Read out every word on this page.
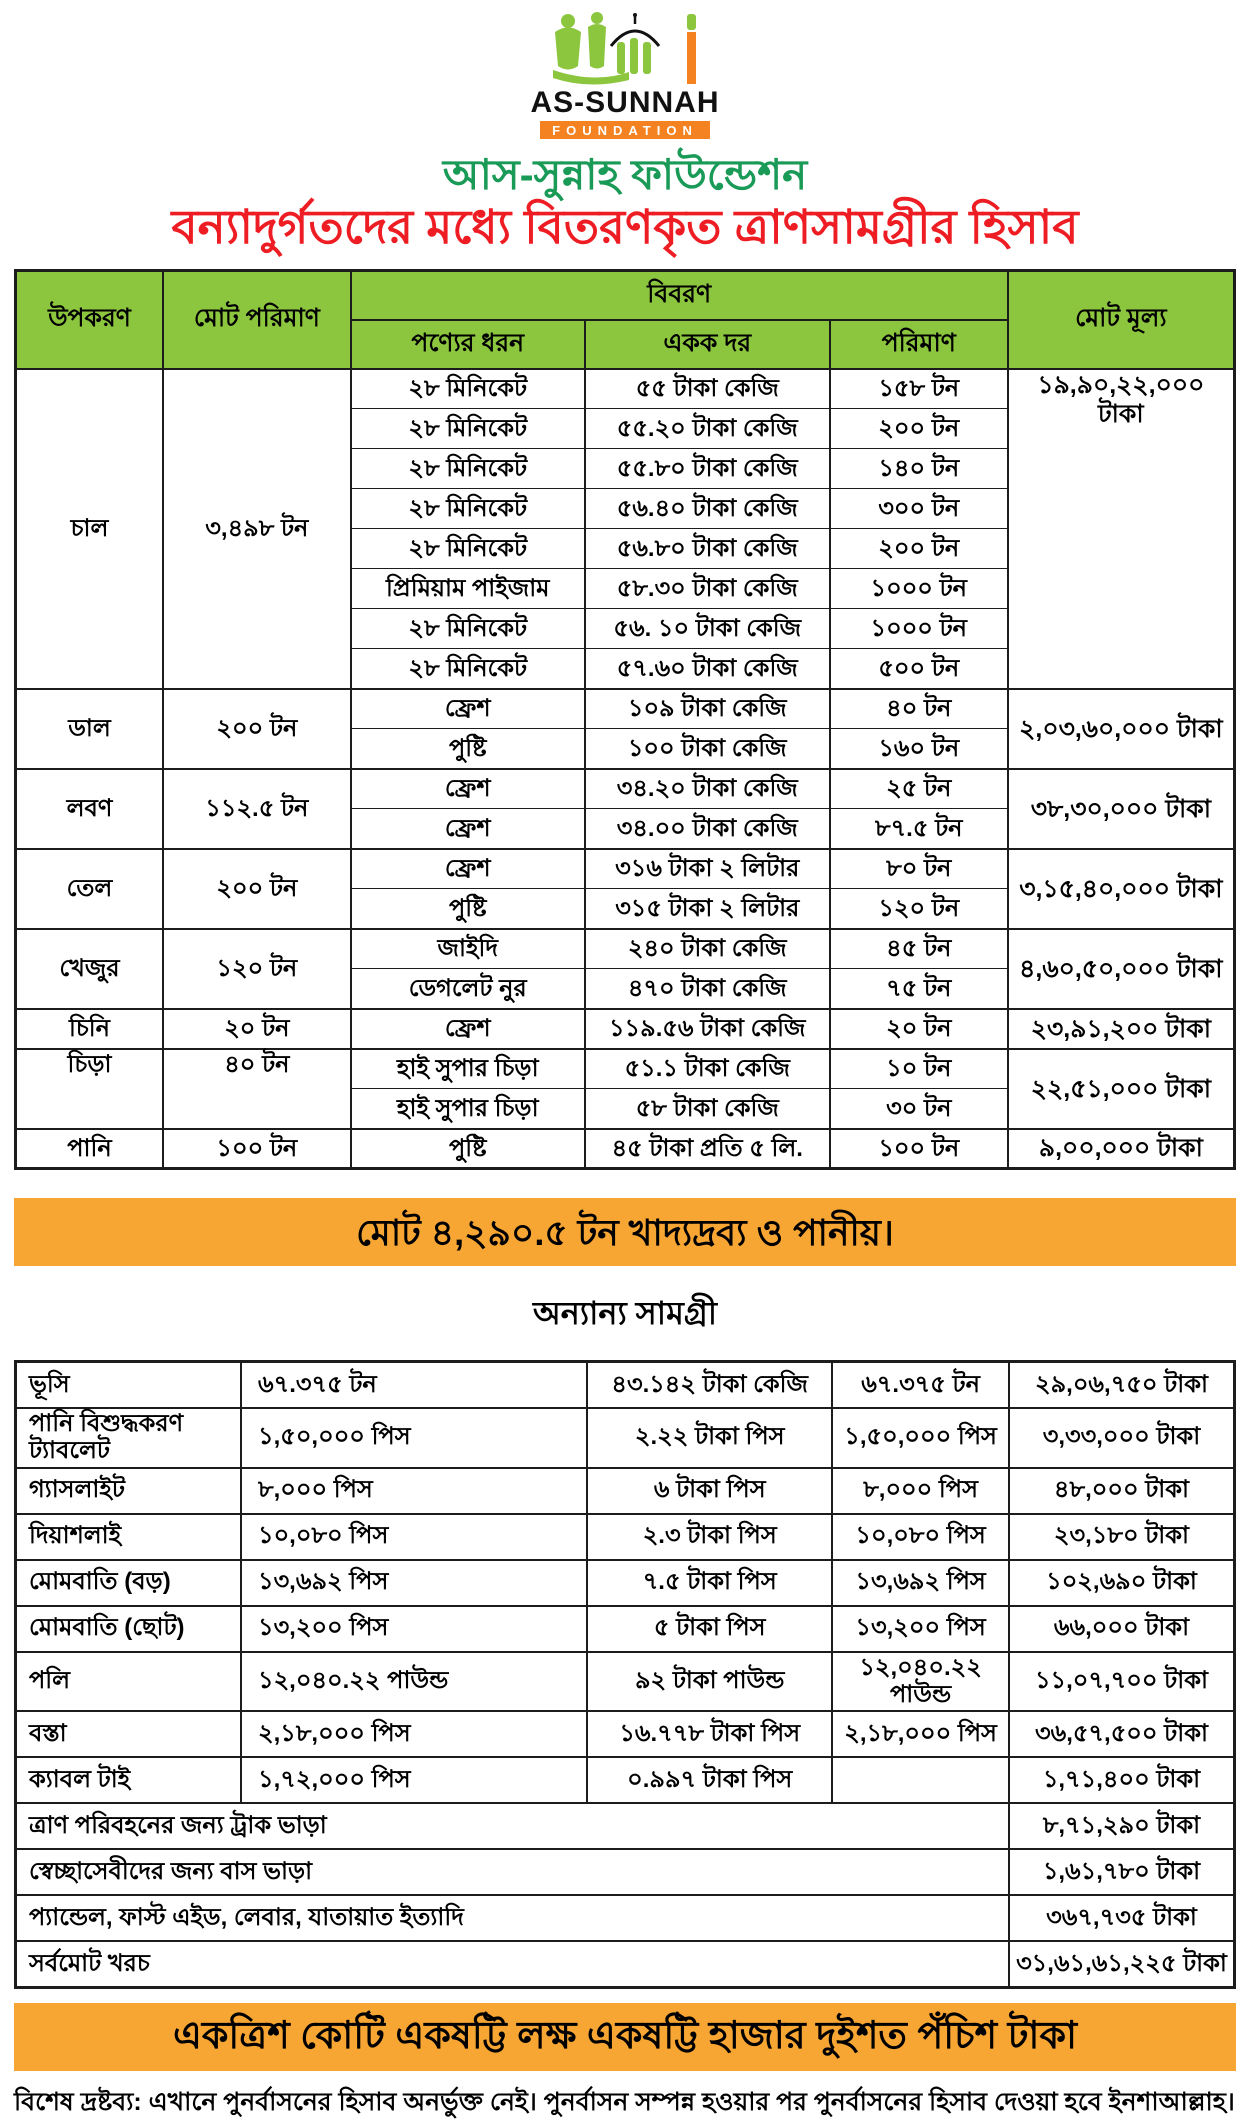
AS-SUNNAH
FOUNDATION
আস-সুন্নাহ ফাউন্ডেশন
বন্যাদুর্গতদের মধ্যে বিতরণকৃত ত্রাণসামগ্রীর হিসাব
উপকরণ	মোট পরিমাণ	বিবরণ			মোট মূল্য
		পণ্যের ধরন	একক দর	পরিমাণ	
চাল	৩,৪৯৮ টন	২৮ মিনিকেট	৫৫ টাকা কেজি	১৫৮ টন	১৯,৯০,২২,০০০ টাকা
		২৮ মিনিকেট	৫৫.২০ টাকা কেজি	২০০ টন	
		২৮ মিনিকেট	৫৫.৮০ টাকা কেজি	১৪০ টন	
		২৮ মিনিকেট	৫৬.৪০ টাকা কেজি	৩০০ টন	
		২৮ মিনিকেট	৫৬.৮০ টাকা কেজি	২০০ টন	
		প্রিমিয়াম পাইজাম	৫৮.৩০ টাকা কেজি	১০০০ টন	
		২৮ মিনিকেট	৫৬. ১০ টাকা কেজি	১০০০ টন	
		২৮ মিনিকেট	৫৭.৬০ টাকা কেজি	৫০০ টন	
ডাল	২০০ টন	ফ্রেশ	১০৯ টাকা কেজি	৪০ টন	২,০৩,৬০,০০০ টাকা
		পুষ্টি	১০০ টাকা কেজি	১৬০ টন	
লবণ	১১২.৫ টন	ফ্রেশ	৩৪.২০ টাকা কেজি	২৫ টন	৩৮,৩০,০০০ টাকা
		ফ্রেশ	৩৪.০০ টাকা কেজি	৮৭.৫ টন	
তেল	২০০ টন	ফ্রেশ	৩১৬ টাকা ২ লিটার	৮০ টন	৩,১৫,৪০,০০০ টাকা
		পুষ্টি	৩১৫ টাকা ২ লিটার	১২০ টন	
খেজুর	১২০ টন	জাইদি	২৪০ টাকা কেজি	৪৫ টন	৪,৬০,৫০,০০০ টাকা
		ডেগলেট নুর	৪৭০ টাকা কেজি	৭৫ টন	
চিনি	২০ টন	ফ্রেশ	১১৯.৫৬ টাকা কেজি	২০ টন	২৩,৯১,২০০ টাকা
চিড়া	৪০ টন	হাই সুপার চিড়া	৫১.১ টাকা কেজি	১০ টন	২২,৫১,০০০ টাকা
		হাই সুপার চিড়া	৫৮ টাকা কেজি	৩০ টন	
পানি	১০০ টন	পুষ্টি	৪৫ টাকা প্রতি ৫ লি.	১০০ টন	৯,০০,০০০ টাকা
মোট ৪,২৯০.৫ টন খাদ্যদ্রব্য ও পানীয়।
অন্যান্য সামগ্রী
ভূসি	৬৭.৩৭৫ টন	৪৩.১৪২ টাকা কেজি	৬৭.৩৭৫ টন	২৯,০৬,৭৫০ টাকা
পানি বিশুদ্ধকরণ ট্যাবলেট	১,৫০,০০০ পিস	২.২২ টাকা পিস	১,৫০,০০০ পিস	৩,৩৩,০০০ টাকা
গ্যাসলাইট	৮,০০০ পিস	৬ টাকা পিস	৮,০০০ পিস	৪৮,০০০ টাকা
দিয়াশলাই	১০,০৮০ পিস	২.৩ টাকা পিস	১০,০৮০ পিস	২৩,১৮০ টাকা
মোমবাতি (বড়)	১৩,৬৯২ পিস	৭.৫ টাকা পিস	১৩,৬৯২ পিস	১০২,৬৯০ টাকা
মোমবাতি (ছোট)	১৩,২০০ পিস	৫ টাকা পিস	১৩,২০০ পিস	৬৬,০০০ টাকা
পলি	১২,০৪০.২২ পাউন্ড	৯২ টাকা পাউন্ড	১২,০৪০.২২ পাউন্ড	১১,০৭,৭০০ টাকা
বস্তা	২,১৮,০০০ পিস	১৬.৭৭৮ টাকা পিস	২,১৮,০০০ পিস	৩৬,৫৭,৫০০ টাকা
ক্যাবল টাই	১,৭২,০০০ পিস	০.৯৯৭ টাকা পিস		১,৭১,৪০০ টাকা
ত্রাণ পরিবহনের জন্য ট্রাক ভাড়া				৮,৭১,২৯০ টাকা
স্বেচ্ছাসেবীদের জন্য বাস ভাড়া				১,৬১,৭৮০ টাকা
প্যান্ডেল, ফাস্ট এইড, লেবার, যাতায়াত ইত্যাদি				৩৬৭,৭৩৫ টাকা
সর্বমোট খরচ				৩১,৬১,৬১,২২৫ টাকা
একত্রিশ কোটি একষট্টি লক্ষ একষট্টি হাজার দুইশত পঁচিশ টাকা

বিশেষ দ্রষ্টব্য: এখানে পুনর্বাসনের হিসাব অনর্ভুক্ত নেই। পুনর্বাসন সম্পন্ন হওয়ার পর পুনর্বাসনের হিসাব দেওয়া হবে ইনশাআল্লাহ।
